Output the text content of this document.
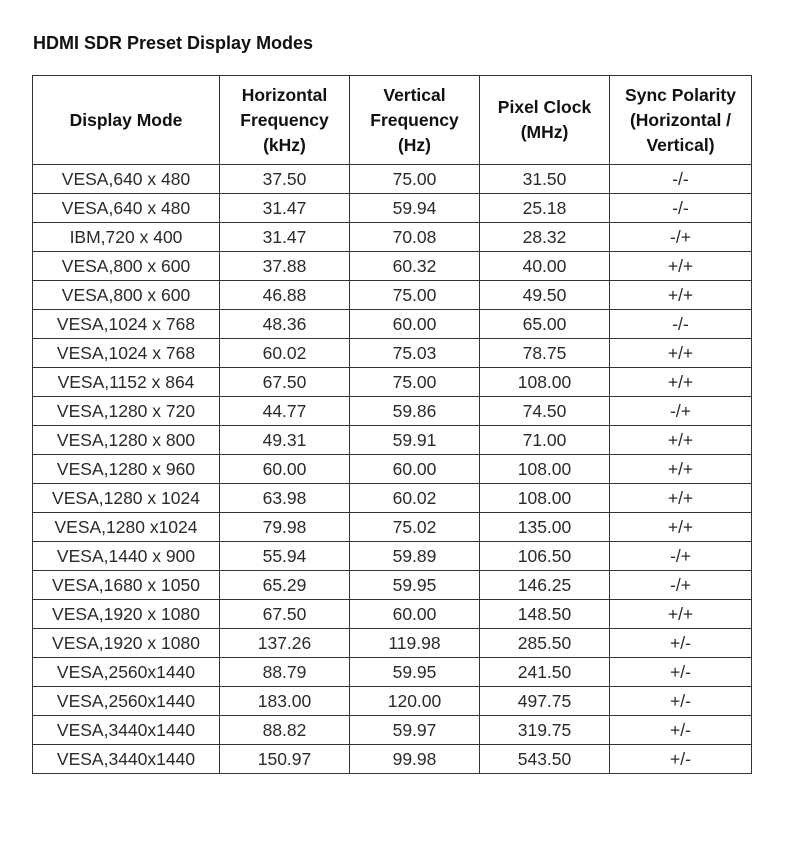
HDMI SDR Preset Display Modes
Display Mode	Horizontal
Frequency
(kHz)	Vertical
Frequency
(Hz)	Pixel Clock
(MHz)	Sync Polarity
(Horizontal /
Vertical)

VESA,640 x 480	37.50	75.00	31.50	-/-
VESA,640 x 480	31.47	59.94	25.18	-/-
IBM,720 x 400	31.47	70.08	28.32	-/+
VESA,800 x 600	37.88	60.32	40.00	+/+
VESA,800 x 600	46.88	75.00	49.50	+/+
VESA,1024 x 768	48.36	60.00	65.00	-/-
VESA,1024 x 768	60.02	75.03	78.75	+/+
VESA,1152 x 864	67.50	75.00	108.00	+/+
VESA,1280 x 720	44.77	59.86	74.50	-/+
VESA,1280 x 800	49.31	59.91	71.00	+/+
VESA,1280 x 960	60.00	60.00	108.00	+/+
VESA,1280 x 1024	63.98	60.02	108.00	+/+
VESA,1280 x1024	79.98	75.02	135.00	+/+
VESA,1440 x 900	55.94	59.89	106.50	-/+
VESA,1680 x 1050	65.29	59.95	146.25	-/+
VESA,1920 x 1080	67.50	60.00	148.50	+/+
VESA,1920 x 1080	137.26	119.98	285.50	+/-
VESA,2560x1440	88.79	59.95	241.50	+/-
VESA,2560x1440	183.00	120.00	497.75	+/-
VESA,3440x1440	88.82	59.97	319.75	+/-
VESA,3440x1440	150.97	99.98	543.50	+/-
